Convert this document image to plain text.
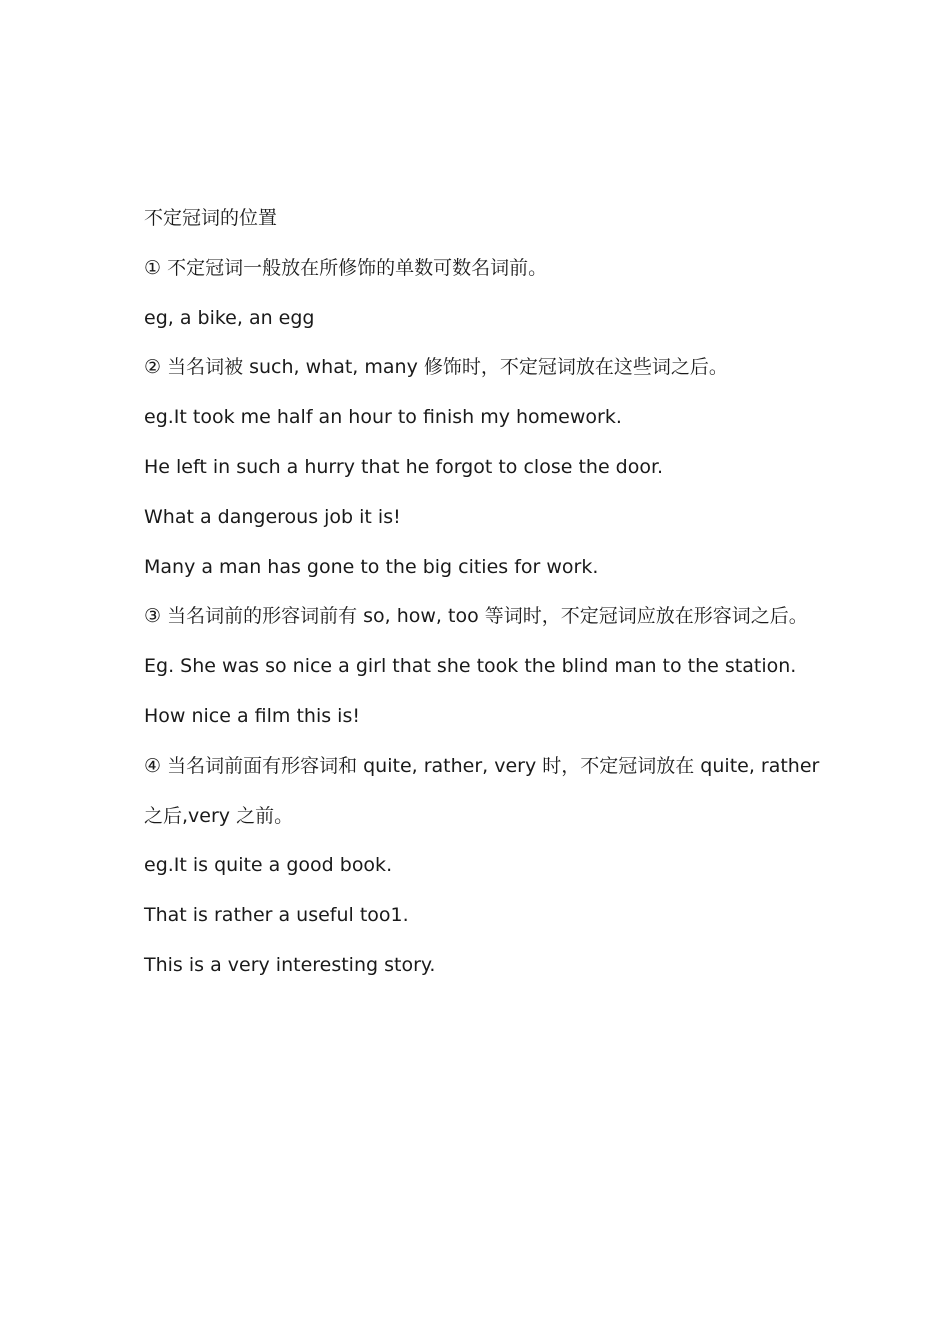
不定冠词的位置
① 不定冠词一般放在所修饰的单数可数名词前。
eg, a bike, an egg
② 当名词被 such, what, many 修饰时，不定冠词放在这些词之后。
eg.It took me half an hour to finish my homework.
He left in such a hurry that he forgot to close the door.
What a dangerous job it is!
Many a man has gone to the big cities for work.
③ 当名词前的形容词前有 so, how, too 等词时，不定冠词应放在形容词之后。
Eg. She was so nice a girl that she took the blind man to the station.
How nice a film this is!
④ 当名词前面有形容词和 quite, rather, very 时，不定冠词放在 quite, rather
之后,very 之前。
eg.It is quite a good book.
That is rather a useful too1.
This is a very interesting story.
